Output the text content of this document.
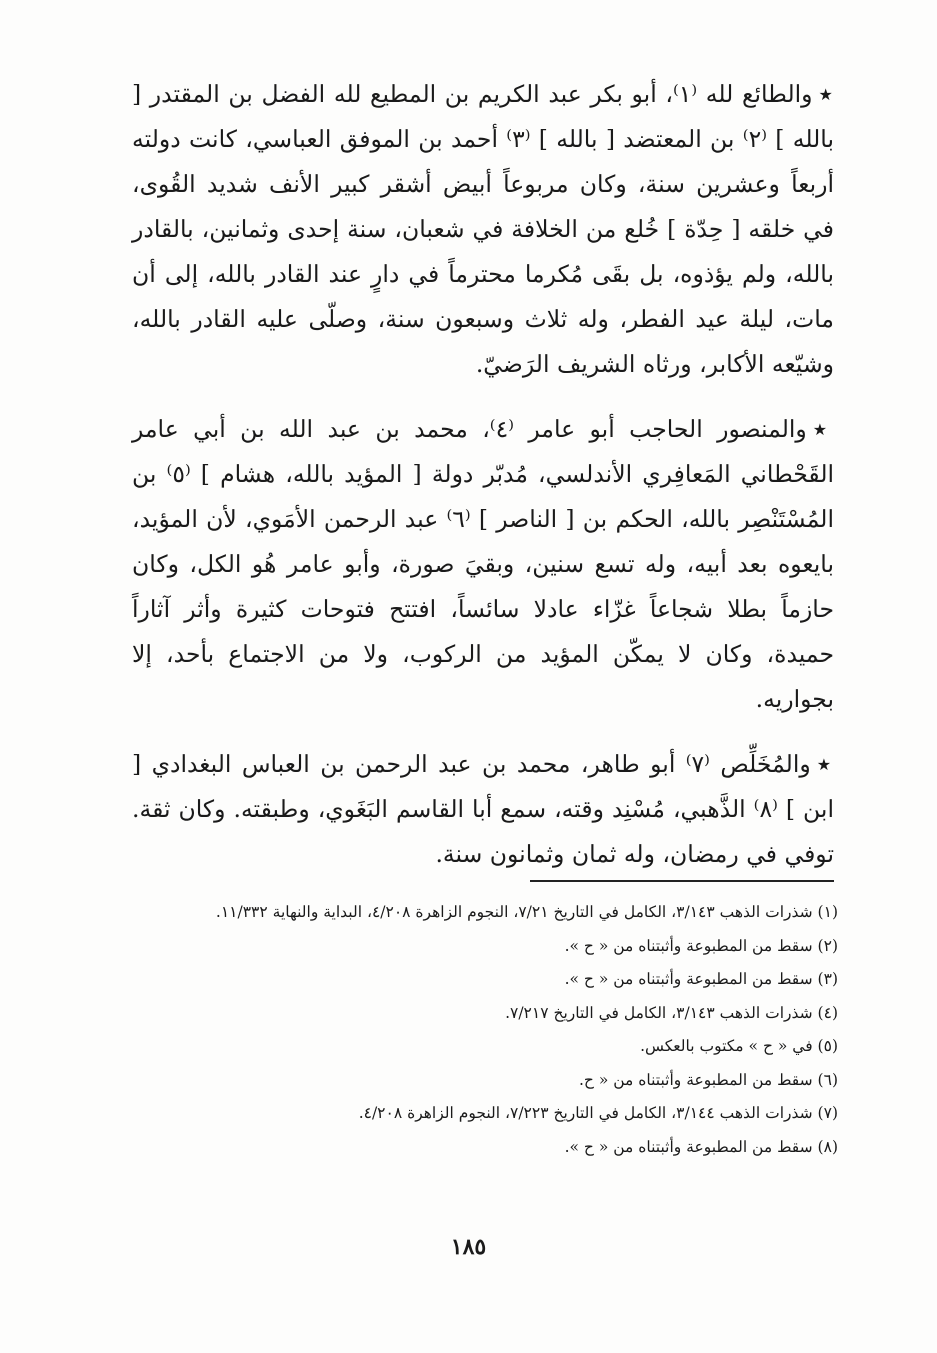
★والطائع لله ⁽١⁾، أبو بكر عبد الكريم بن المطيع لله الفضل بن المقتدر [ بالله ] ⁽٢⁾ بن المعتضد [ بالله ] ⁽٣⁾ أحمد بن الموفق العباسي، كانت دولته أربعاً وعشرين سنة، وكان مربوعاً أبيض أشقر كبير الأنف شديد القُوى، في خلقه [ حِدّة ] خُلع من الخلافة في شعبان، سنة إحدى وثمانين، بالقادر بالله، ولم يؤذوه، بل بقَى مُكرما محترماً في دارٍ عند القادر بالله، إلى أن مات، ليلة عيد الفطر، وله ثلاث وسبعون سنة، وصلّى عليه القادر بالله، وشيّعه الأكابر، ورثاه الشريف الرَضيّ.

★والمنصور الحاجب أبو عامر ⁽٤⁾، محمد بن عبد الله بن أبي عامر القَحْطاني المَعافِري الأندلسي، مُدبّر دولة [ المؤيد بالله، هشام ] ⁽٥⁾ بن المُسْتَنْصِر بالله، الحكم بن [ الناصر ] ⁽٦⁾ عبد الرحمن الأمَوي، لأن المؤيد، بايعوه بعد أبيه، وله تسع سنين، وبقيَ صورة، وأبو عامر هُو الكل، وكان حازماً بطلا شجاعاً غزّاء عادلا سائساً، افتتح فتوحات كثيرة وأثر آثاراً حميدة، وكان لا يمكّن المؤيد من الركوب، ولا من الاجتماع بأحد، إلا بجواريه.

★والمُخَلِّص ⁽٧⁾ أبو طاهر، محمد بن عبد الرحمن بن العباس البغدادي [ ابن ] ⁽٨⁾ الذَّهبي، مُسْنِد وقته، سمع أبا القاسم البَغَوي، وطبقته. وكان ثقة. توفي في رمضان، وله ثمان وثمانون سنة.

(١) شذرات الذهب ٣/١٤٣، الكامل في التاريخ ٧/٢١، النجوم الزاهرة ٤/٢٠٨، البداية والنهاية ١١/٣٣٢.

(٢) سقط من المطبوعة وأثبتناه من « ح ».

(٣) سقط من المطبوعة وأثبتناه من « ح ».

(٤) شذرات الذهب ٣/١٤٣، الكامل في التاريخ ٧/٢١٧.

(٥) في « ح » مكتوب بالعكس.

(٦) سقط من المطبوعة وأثبتناه من « ح.

(٧) شذرات الذهب ٣/١٤٤، الكامل في التاريخ ٧/٢٢٣، النجوم الزاهرة ٤/٢٠٨.

(٨) سقط من المطبوعة وأثبتناه من « ح ».

١٨٥
